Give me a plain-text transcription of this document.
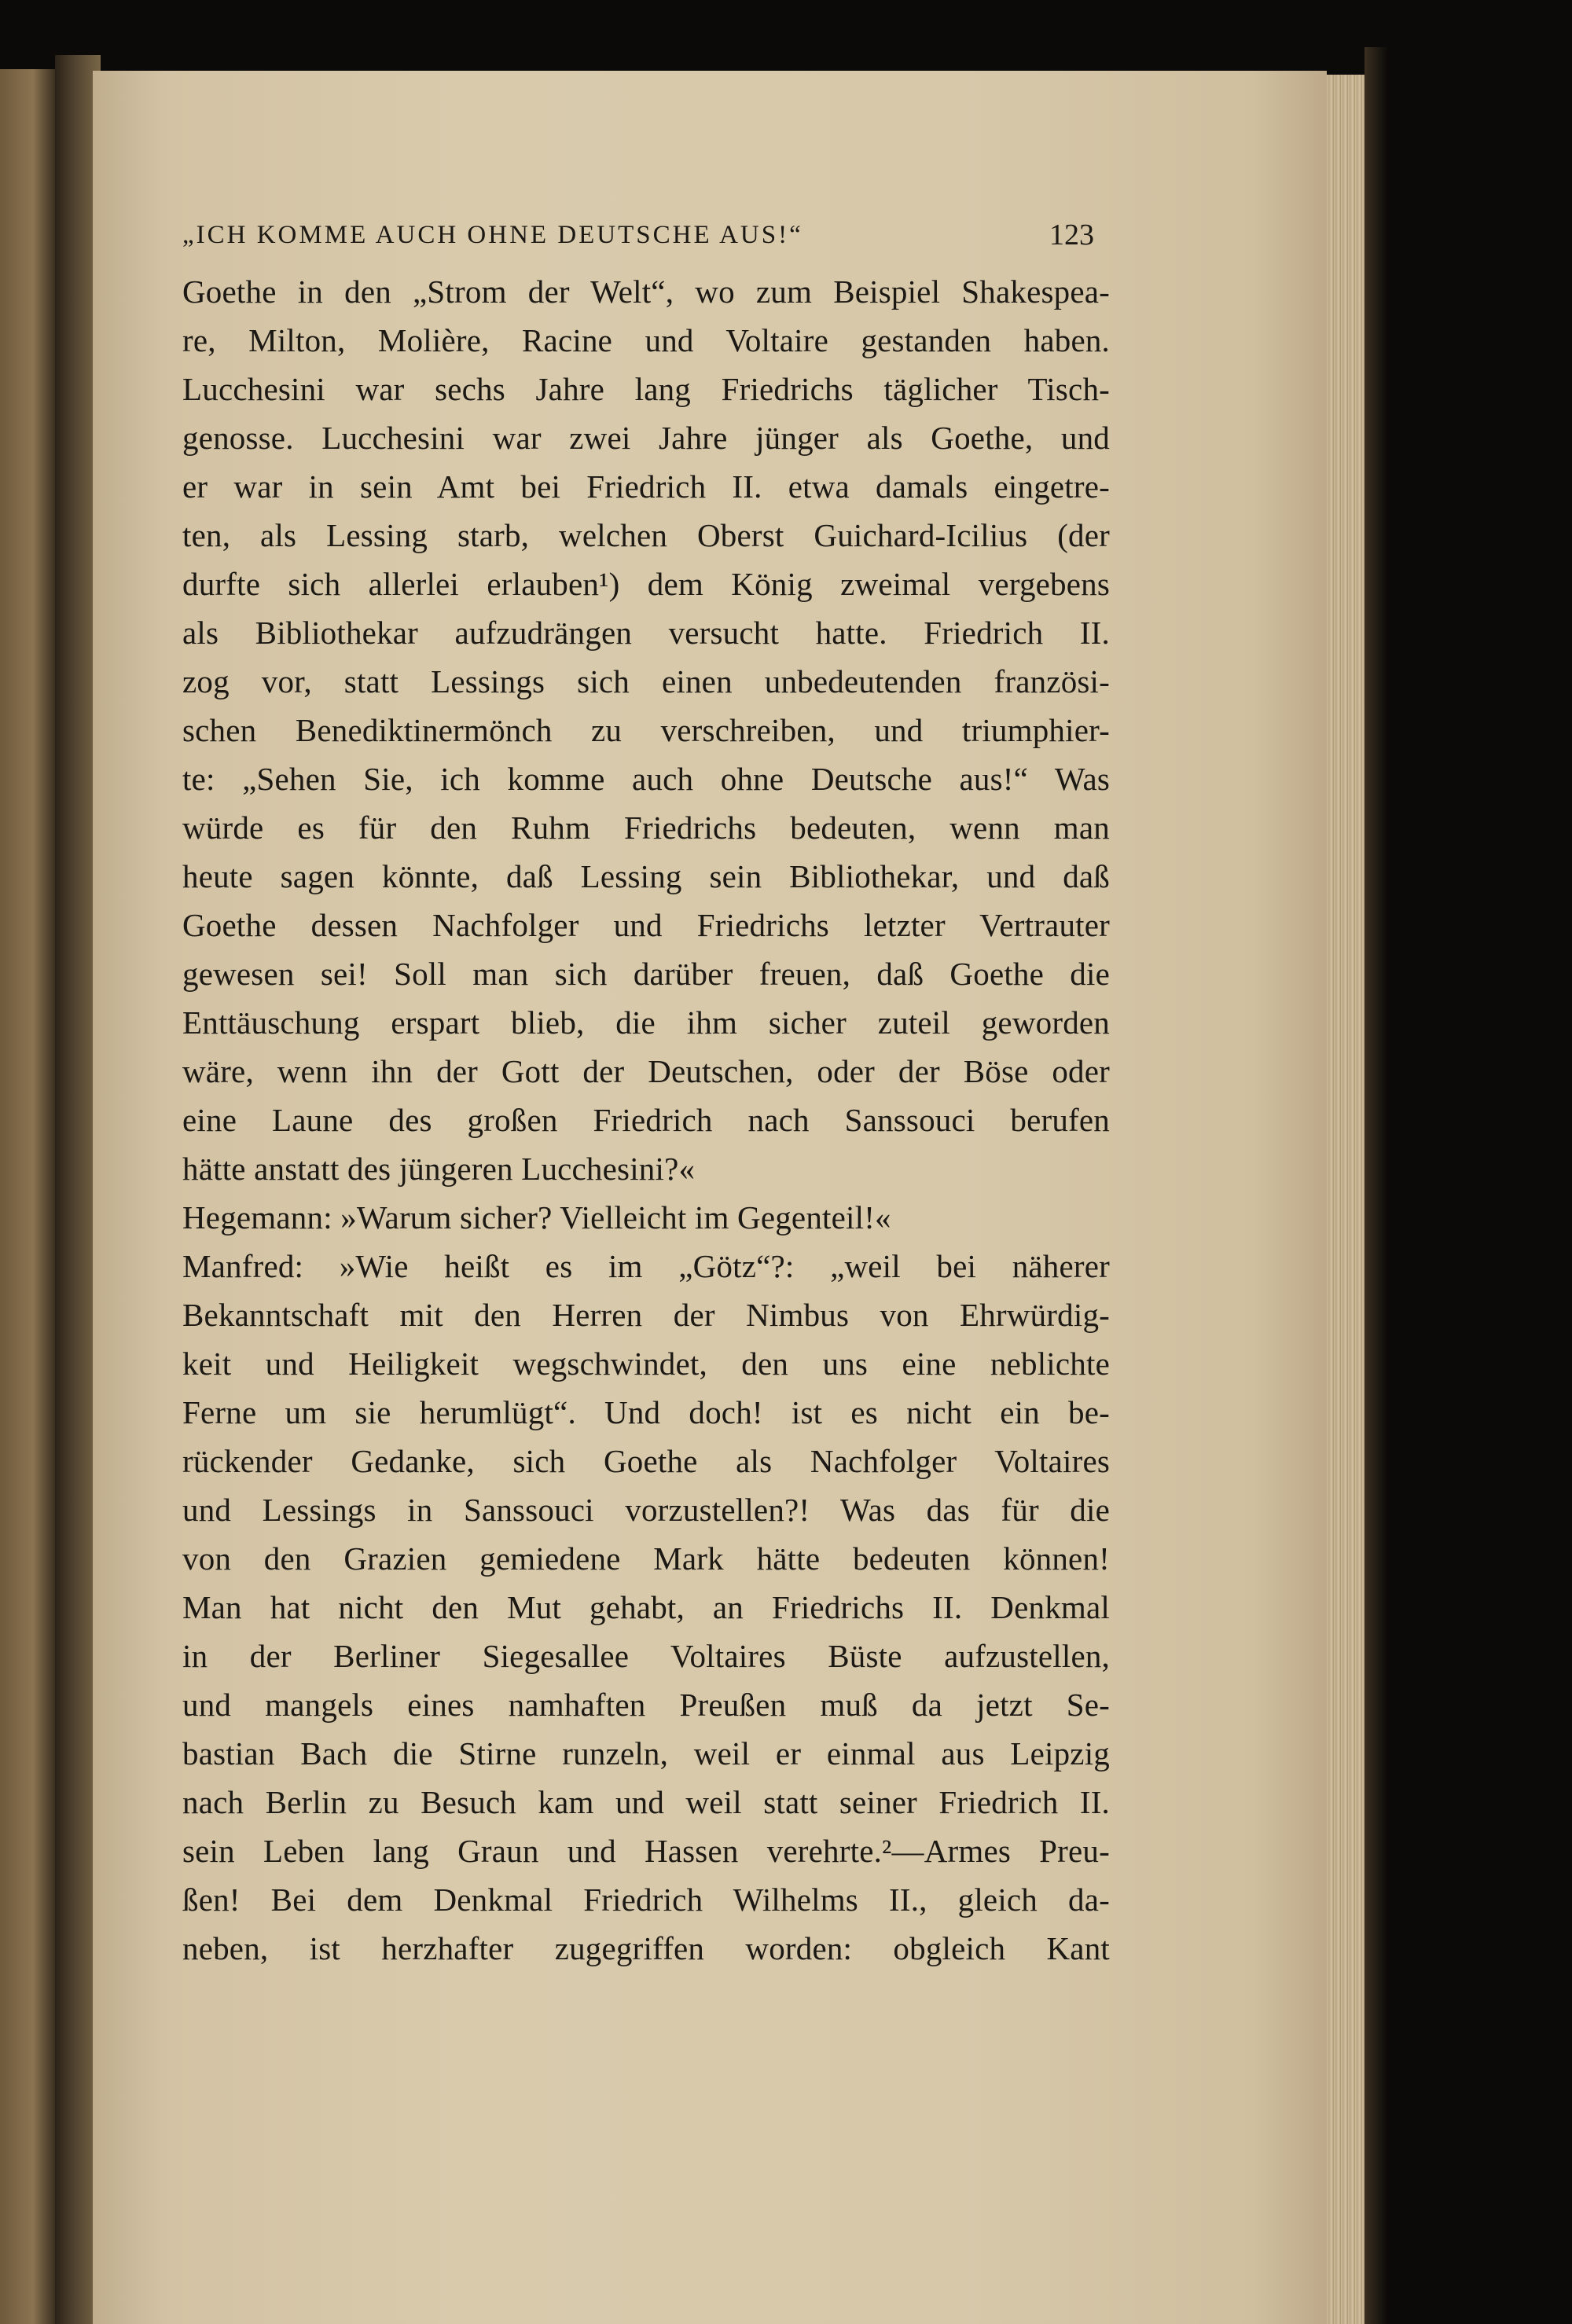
„ICH KOMME AUCH OHNE DEUTSCHE AUS!“	123

Goethe in den „Strom der Welt“, wo zum Beispiel Shakespea-

re, Milton, Molière, Racine und Voltaire gestanden haben.

Lucchesini war sechs Jahre lang Friedrichs täglicher Tisch-

genosse. Lucchesini war zwei Jahre jünger als Goethe, und

er war in sein Amt bei Friedrich II. etwa damals eingetre-

ten, als Lessing starb, welchen Oberst Guichard-Icilius (der

durfte sich allerlei erlauben¹) dem König zweimal vergebens

als Bibliothekar aufzudrängen versucht hatte. Friedrich II.

zog vor, statt Lessings sich einen unbedeutenden französi-

schen Benediktinermönch zu verschreiben, und triumphier-

te: „Sehen Sie, ich komme auch ohne Deutsche aus!“ Was

würde es für den Ruhm Friedrichs bedeuten, wenn man

heute sagen könnte, daß Lessing sein Bibliothekar, und daß

Goethe dessen Nachfolger und Friedrichs letzter Vertrauter

gewesen sei! Soll man sich darüber freuen, daß Goethe die

Enttäuschung erspart blieb, die ihm sicher zuteil geworden

wäre, wenn ihn der Gott der Deutschen, oder der Böse oder

eine Laune des großen Friedrich nach Sanssouci berufen

hätte anstatt des jüngeren Lucchesini?«

Hegemann: »Warum sicher? Vielleicht im Gegenteil!«

Manfred: »Wie heißt es im „Götz“?: „weil bei näherer

Bekanntschaft mit den Herren der Nimbus von Ehrwürdig-

keit und Heiligkeit wegschwindet, den uns eine neblichte

Ferne um sie herumlügt“. Und doch! ist es nicht ein be-

rückender Gedanke, sich Goethe als Nachfolger Voltaires

und Lessings in Sanssouci vorzustellen?! Was das für die

von den Grazien gemiedene Mark hätte bedeuten können!

Man hat nicht den Mut gehabt, an Friedrichs II. Denkmal

in der Berliner Siegesallee Voltaires Büste aufzustellen,

und mangels eines namhaften Preußen muß da jetzt Se-

bastian Bach die Stirne runzeln, weil er einmal aus Leipzig

nach Berlin zu Besuch kam und weil statt seiner Friedrich II.

sein Leben lang Graun und Hassen verehrte.²—Armes Preu-

ßen! Bei dem Denkmal Friedrich Wilhelms II., gleich da-

neben, ist herzhafter zugegriffen worden: obgleich Kant
